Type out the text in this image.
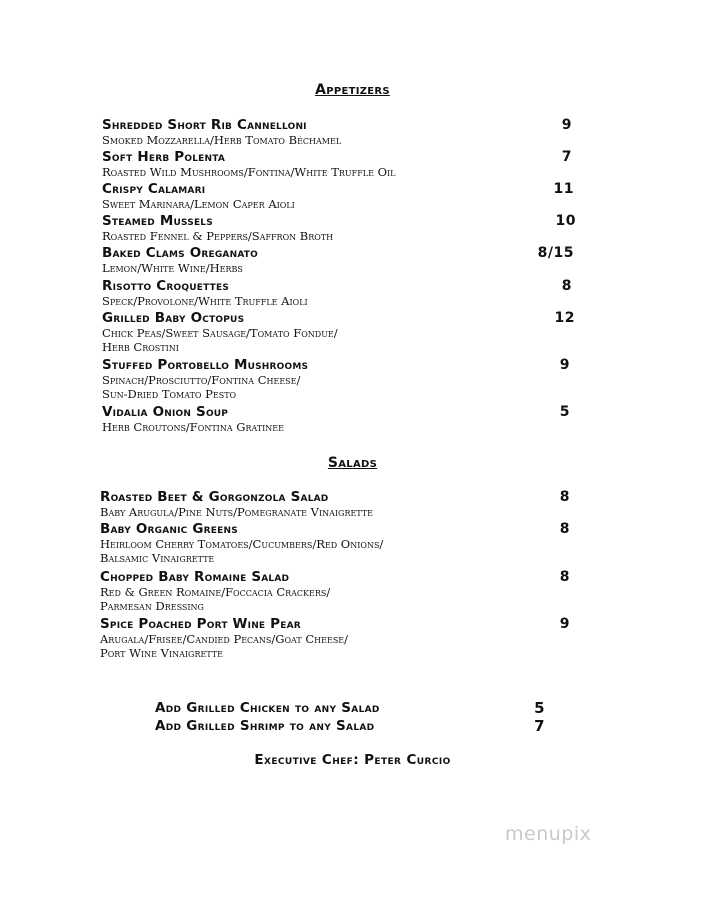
Appetizers
Shredded Short Rib Cannelloni
Smoked Mozzarella/Herb Tomato Béchamel
9
Soft Herb Polenta
Roasted Wild Mushrooms/Fontina/White Truffle Oil
7
Crispy Calamari
Sweet Marinara/Lemon Caper Aioli
11
Steamed Mussels
Roasted Fennel & Peppers/Saffron Broth
10
Baked Clams Oreganato
Lemon/White Wine/Herbs
8/15
Risotto Croquettes
Speck/Provolone/White Truffle Aioli
8
Grilled Baby Octopus
Chick Peas/Sweet Sausage/Tomato Fondue/
Herb Crostini
12
Stuffed Portobello Mushrooms
Spinach/Prosciutto/Fontina Cheese/
Sun-Dried Tomato Pesto
9
Vidalia Onion Soup
Herb Croutons/Fontina Gratinee
5
Salads
Roasted Beet & Gorgonzola Salad
Baby Arugula/Pine Nuts/Pomegranate Vinaigrette
8
Baby Organic Greens
Heirloom Cherry Tomatoes/Cucumbers/Red Onions/
Balsamic Vinaigrette
8
Chopped Baby Romaine Salad
Red & Green Romaine/Foccacia Crackers/
Parmesan Dressing
8
Spice Poached Port Wine Pear
Arugala/Frisee/Candied Pecans/Goat Cheese/
Port Wine Vinaigrette
9
Add Grilled Chicken to any Salad	5
Add Grilled Shrimp to any Salad	7
Executive Chef: Peter Curcio
menupix
